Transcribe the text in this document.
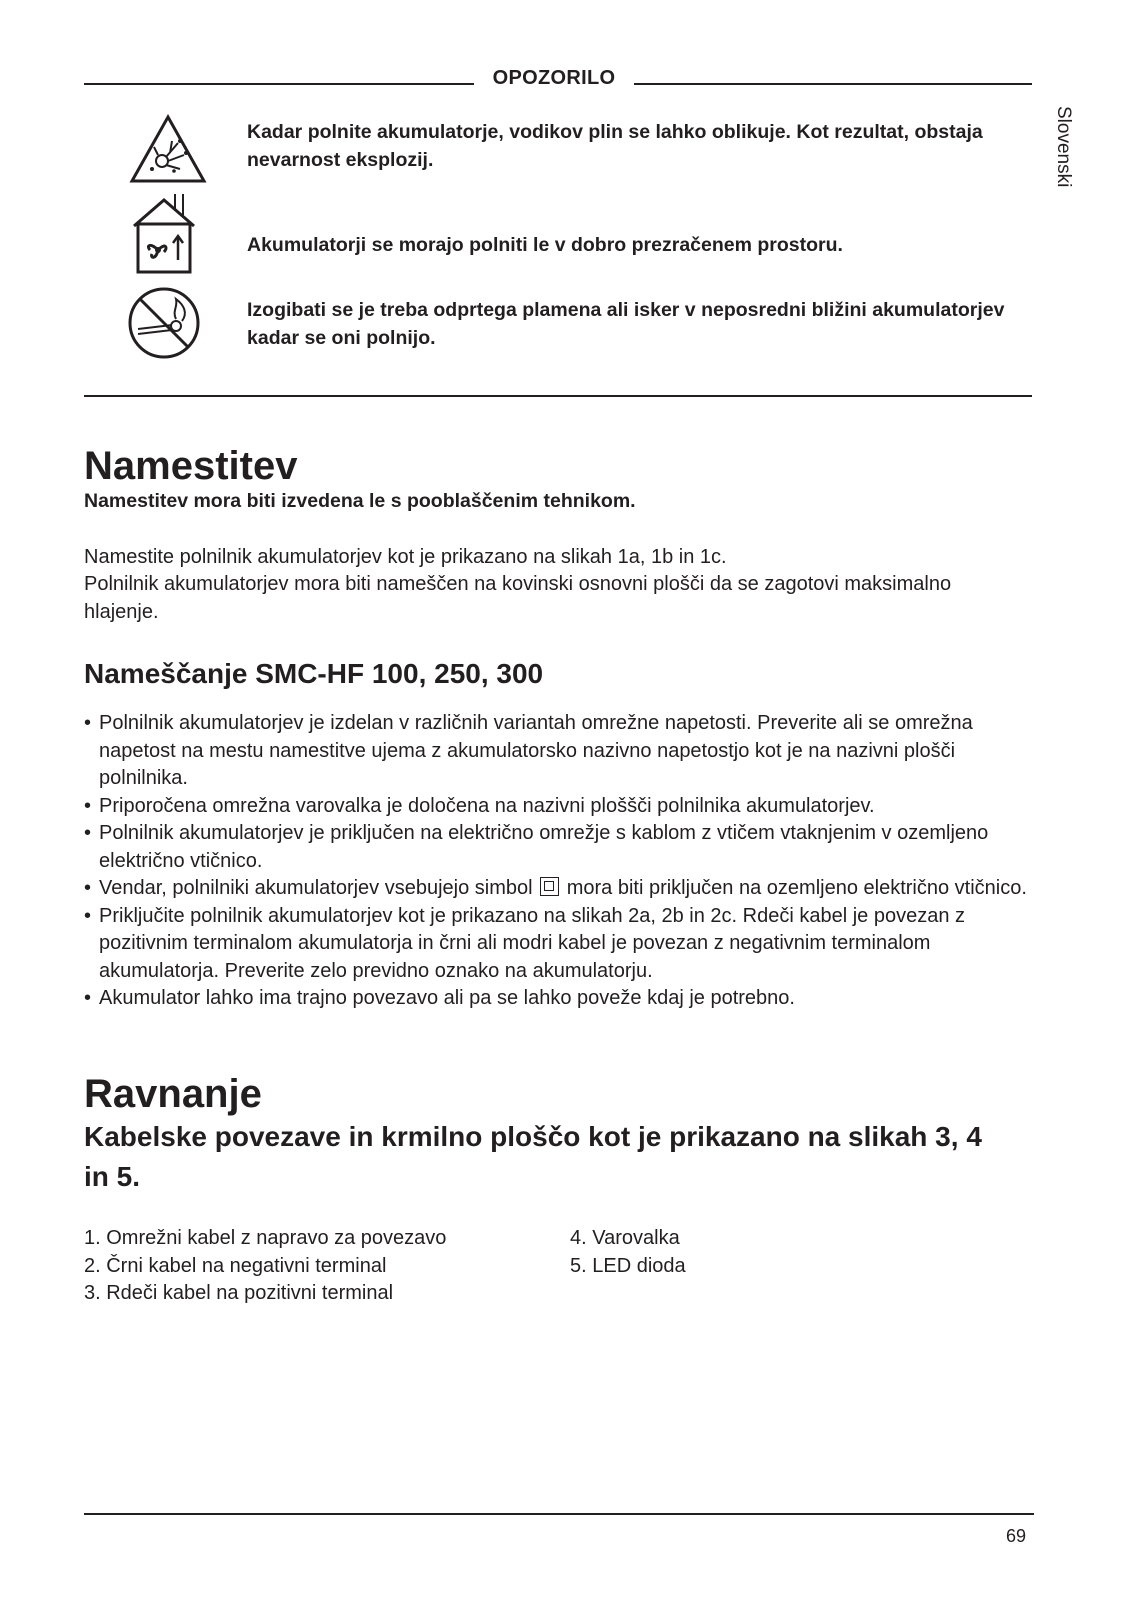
OPOZORILO
Kadar polnite akumulatorje, vodikov plin se lahko oblikuje. Kot rezultat, obstaja nevarnost eksplozij.
Akumulatorji se morajo polniti le v dobro prezračenem prostoru.
Izogibati se je treba odprtega plamena ali isker v neposredni bližini akumulatorjev kadar se oni polnijo.
Slovenski
Namestitev
Namestitev mora biti izvedena le s pooblaščenim tehnikom.
Namestite polnilnik akumulatorjev kot je prikazano na slikah 1a, 1b in 1c.
Polnilnik akumulatorjev mora biti nameščen na kovinski osnovni plošči da se zagotovi maksimalno hlajenje.
Nameščanje SMC-HF 100, 250, 300
• Polnilnik akumulatorjev je izdelan v različnih variantah omrežne napetosti. Preverite ali se omrežna napetost na mestu namestitve ujema z akumulatorsko nazivno napetostjo kot je na nazivni plošči polnilnika.
• Priporočena omrežna varovalka je določena na nazivni ploššči polnilnika akumulatorjev.
• Polnilnik akumulatorjev je priključen na električno omrežje s kablom z vtičem vtaknjenim v ozemljeno električno vtičnico.
• Vendar, polnilniki akumulatorjev vsebujejo simbol mora biti priključen na ozemljeno električno vtičnico.
• Priključite polnilnik akumulatorjev kot je prikazano na slikah 2a, 2b in 2c. Rdeči kabel je povezan z pozitivnim terminalom akumulatorja in črni ali modri kabel je povezan z negativnim terminalom akumulatorja. Preverite zelo previdno oznako na akumulatorju.
• Akumulator lahko ima trajno povezavo ali pa se lahko poveže kdaj je potrebno.
Ravnanje
Kabelske povezave in krmilno ploščo kot je prikazano na slikah 3, 4 in 5.
1. Omrežni kabel z napravo za povezavo
2. Črni kabel na negativni terminal
3. Rdeči kabel na pozitivni terminal
4. Varovalka
5. LED dioda
69
